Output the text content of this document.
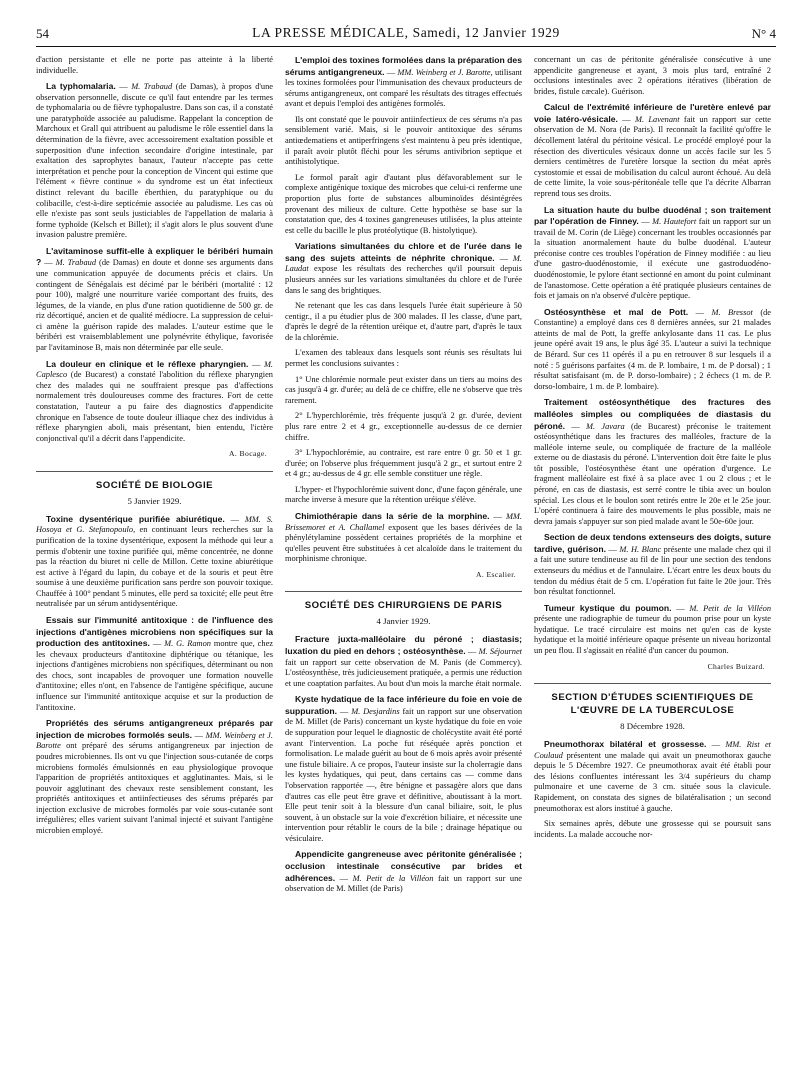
54	LA PRESSE MÉDICALE, Samedi, 12 Janvier 1929	N° 4

d'action persistante et elle ne porte pas atteinte à la liberté individuelle.

La typhomalaria. — M. Trabaud (de Damas), à propos d'une observation personnelle, discute ce qu'il faut entendre par les termes de typhomalaria ou de fièvre typhopalustre. Dans son cas, il a constaté une paratyphoïde associée au paludisme. Rappelant la conception de Marchoux et Grall qui attribuent au paludisme le rôle essentiel dans la détermination de la fièvre, avec accessoirement exaltation possible et superposition d'une infection secondaire d'origine intestinale, par exaltation des saprophytes banaux, l'auteur n'accepte pas cette interprétation et penche pour la conception de Vincent qui estime que l'élément « fièvre continue » du syndrome est un état infectieux distinct relevant du bacille éberthien, du paratyphique ou du colibacille, c'est-à-dire septicémie associée au paludisme. Les cas où elle n'existe pas sont seuls justiciables de l'appellation de malaria à forme typhoïde (Kelsch et Billet); il s'agit alors le plus souvent d'une invasion palustre première.

L'avitaminose suffit-elle à expliquer le béribéri humain ? — M. Trabaud (de Damas) en doute et donne ses arguments dans une communication appuyée de documents précis et clairs. Un contingent de Sénégalais est décimé par le béribéri (mortalité : 12 pour 100), malgré une nourriture variée comportant des fruits, des légumes, de la viande, en plus d'une ration quotidienne de 500 gr. de riz décortiqué, ancien et de qualité médiocre. La suppression de celui-ci amène la guérison rapide des malades. L'auteur estime que le béribéri est vraisemblablement une polynévrite éthylique, favorisée par l'avitaminose B, mais non déterminée par elle seule.

La douleur en clinique et le réflexe pharyngien. — M. Caplesco (de Bucarest) a constaté l'abolition du réflexe pharyngien chez des malades qui ne souffraient presque pas d'affections normalement très douloureuses comme des fractures. Fort de cette constatation, l'auteur a pu faire des diagnostics d'appendicite chronique en l'absence de toute douleur illiaque chez des individus à réflexe pharyngien aboli, mais présentant, bien entendu, l'ictère conjonctival qu'il a décrit dans l'appendicite.

A. Bocage.
SOCIÉTÉ DE BIOLOGIE
5 Janvier 1929.

Toxine dysentérique purifiée abiurétique. — MM. S. Hosoya et G. Stefanopoulo, en continuant leurs recherches sur la purification de la toxine dysentérique, exposent la méthode qui leur a permis d'obtenir une toxine purifiée qui, même concentrée, ne donne pas la réaction du biuret ni celle de Millon. Cette toxine abiurétique est active à l'égard du lapin, du cobaye et de la souris et peut être soumise à une deuxième purification sans perdre son pouvoir toxique. Chauffée à 100° pendant 5 minutes, elle perd sa toxicité; elle peut être neutralisée par un sérum antidysentérique.

Essais sur l'immunité antitoxique : de l'influence des injections d'antigènes microbiens non spécifiques sur la production des antitoxines. — M. G. Ramon montre que, chez les chevaux producteurs d'antitoxine diphtérique ou tétanique, les injections d'antigènes microbiens non spécifiques, déterminant ou non des chocs, sont incapables de provoquer une formation nouvelle d'antitoxine; elles n'ont, en l'absence de l'antigène spécifique, aucune influence sur l'immunité antitoxique acquise et sur la production de l'antitoxine.

Propriétés des sérums antigangreneux préparés par injection de microbes formolés seuls. — MM. Weinberg et J. Barotte ont préparé des sérums antigangreneux par injection de poudres microbiennes. Ils ont vu que l'injection sous-cutanée de corps microbiens formolés émulsionnés en eau physiologique provoque l'apparition de propriétés antitoxiques et agglutinantes. Mais, si le pouvoir agglutinant des chevaux reste sensiblement constant, les propriétés antitoxiques et antiinfectieuses des sérums préparés par injection exclusive de microbes formolés par voie sous-cutanée sont irrégulières; elles varient suivant l'animal injecté et suivant l'antigène microbien employé.

L'emploi des toxines formolées dans la préparation des sérums antigangreneux. — MM. Weinberg et J. Barotte, utilisant les toxines formolées pour l'immunisation des chevaux producteurs de sérums antigangreneux, ont comparé les résultats des titrages effectués avant et depuis l'emploi des antigènes formolés.

Ils ont constaté que le pouvoir antiinfectieux de ces sérums n'a pas sensiblement varié. Mais, si le pouvoir antitoxique des sérums antiœdematiens et antiperfringens s'est maintenu à peu près identique, il paraît avoir plutôt fléchi pour les sérums antivibrion septique et antihistolytique.

Le formol paraît agir d'autant plus défavorablement sur le complexe antigénique toxique des microbes que celui-ci renferme une proportion plus forte de substances albuminoïdes désintégrées provenant des milieux de culture. Cette hypothèse se base sur la constatation que, des 4 toxines gangreneuses utilisées, la plus atteinte est celle du bacille le plus protéolytique (B. histolytique).

Variations simultanées du chlore et de l'urée dans le sang des sujets atteints de néphrite chronique. — M. Laudat expose les résultats des recherches qu'il poursuit depuis plusieurs années sur les variations simultanées du chlore et de l'urée dans le sang des brightiques.

Ne retenant que les cas dans lesquels l'urée était supérieure à 50 centigr., il a pu étudier plus de 300 malades. Il les classe, d'une part, d'après le degré de la rétention uréique et, d'autre part, d'après le taux de la chlorémie.

L'examen des tableaux dans lesquels sont réunis ses résultats lui permet les conclusions suivantes :

1° Une chlorémie normale peut exister dans un tiers au moins des cas jusqu'à 4 gr. d'urée; au delà de ce chiffre, elle ne s'observe que très rarement.

2° L'hyperchlorémie, très fréquente jusqu'à 2 gr. d'urée, devient plus rare entre 2 et 4 gr., exceptionnelle au-dessus de ce dernier chiffre.

3° L'hypochlorémie, au contraire, est rare entre 0 gr. 50 et 1 gr. d'urée; on l'observe plus fréquemment jusqu'à 2 gr., et surtout entre 2 et 4 gr.; au-dessus de 4 gr. elle semble constituer une règle.

L'hyper- et l'hypochlorémie suivent donc, d'une façon générale, une marche inverse à mesure que la rétention uréique s'élève.

Chimiothérapie dans la série de la morphine. — MM. Brissemoret et A. Challamel exposent que les bases dérivées de la phénylétylamine possèdent certaines propriétés de la morphine et qu'elles peuvent être substituées à cet alcaloïde dans le traitement du morphinisme chronique.

A. Escalier.
SOCIÉTÉ DES CHIRURGIENS DE PARIS
4 Janvier 1929.

Fracture juxta-malléolaire du péroné ; diastasis; luxation du pied en dehors ; ostéosynthèse. — M. Séjournet fait un rapport sur cette observation de M. Panis (de Commercy). L'ostéosynthèse, très judicieusement pratiquée, a permis une réduction et une coaptation parfaites. Au bout d'un mois la marche était normale.

Kyste hydatique de la face inférieure du foie en voie de suppuration. — M. Desjardins fait un rapport sur une observation de M. Millet (de Paris) concernant un kyste hydatique du foie en voie de suppuration pour lequel le diagnostic de cholécystite avait été porté avant l'intervention. La poche fut réséquée après ponction et formolisation. Le malade guérit au bout de 6 mois après avoir présenté une fistule biliaire. A ce propos, l'auteur insiste sur la cholerragie dans les kystes hydatiques, qui peut, dans certains cas — comme dans l'observation rapportée —, être bénigne et passagère alors que dans d'autres cas elle peut être grave et définitive, aboutissant à la mort. Elle peut tenir soit à la blessure d'un canal biliaire, soit, le plus souvent, à un obstacle sur la voie d'excrétion biliaire, et nécessite une intervention pour rétablir le cours de la bile ; drainage hépatique ou vésiculaire.

Appendicite gangreneuse avec péritonite généralisée ; occlusion intestinale consécutive par brides et adhérences. — M. Petit de la Villéon fait un rapport sur une observation de M. Millet (de Paris)

concernant un cas de péritonite généralisée consécutive à une appendicite gangreneuse et ayant, 3 mois plus tard, entraîné 2 occlusions intestinales avec 2 opérations itératives (libération de brides, fistule cæcale). Guérison.

Calcul de l'extrémité inférieure de l'uretère enlevé par voie latéro-vésicale. — M. Lavenant fait un rapport sur cette observation de M. Nora (de Paris). Il reconnaît la facilité qu'offre le décollement latéral du péritoine vésical. Le procédé employé pour la résection des diverticules vésicaux donne un accès facile sur les 5 derniers centimètres de l'uretère lorsque la section du méat après cystostomie et essai de mobilisation du calcul auront échoué. Au delà de cette limite, la voie sous-péritonéale telle que l'a décrite Albarran reprend tous ses droits.

La situation haute du bulbe duodénal ; son traitement par l'opération de Finney. — M. Hautefort fait un rapport sur un travail de M. Corin (de Liège) concernant les troubles occasionnés par la situation anormalement haute du bulbe duodénal. L'auteur préconise contre ces troubles l'opération de Finney modifiée : au lieu d'une gastro-duodénostomie, il exécute une gastroduodéno-duodénostomie, le pylore étant sectionné en amont du point culminant de l'anastomose. Cette opération a été pratiquée plusieurs centaines de fois et jamais on n'a observé d'ulcère peptique.

Ostéosynthèse et mal de Pott. — M. Bressot (de Constantine) a employé dans ces 8 dernières années, sur 21 malades atteints de mal de Pott, la greffe ankylosante dans 11 cas. Le plus jeune opéré avait 19 ans, le plus âgé 35. L'auteur a suivi la technique de Bérard. Sur ces 11 opérés il a pu en retrouver 8 sur lesquels il a noté : 5 guérisons parfaites (4 m. de P. lombaire, 1 m. de P dorsal) ; 1 résultat satisfaisant (m. de P. dorso-lombaire) ; 2 échecs (1 m. de P. dorso-lombaire, 1 m. de P. lombaire).

Traitement ostéosynthétique des fractures des malléoles simples ou compliquées de diastasis du péroné. — M. Javara (de Bucarest) préconise le traitement ostéosynthétique dans les fractures des malléoles, fracture de la malléole interne seule, ou compliquée de fracture de la malléole externe ou de diastasis du péroné. L'intervention doit être faite le plus tôt possible, l'ostéosynthèse étant une opération d'urgence. Le fragment malléolaire est fixé à sa place avec 1 ou 2 clous ; et le péroné, en cas de diastasis, est serré contre le tibia avec un boulon spécial. Les clous et le boulon sont retirés entre le 20e et le 25e jour. L'opéré continuera à faire des mouvements le plus possible, mais ne devra jamais s'appuyer sur son pied malade avant le 50e-60e jour.

Section de deux tendons extenseurs des doigts, suture tardive, guérison. — M. H. Blanc présente une malade chez qui il a fait une suture tendineuse au fil de lin pour une section des tendons extenseurs du médius et de l'annulaire. L'écart entre les deux bouts du tendon du médius était de 5 cm. L'opération fut faite le 20e jour. Très bon résultat fonctionnel.

Tumeur kystique du poumon. — M. Petit de la Villéon présente une radiographie de tumeur du poumon prise pour un kyste hydatique. Le tracé circulaire est moins net qu'en cas de kyste hydatique et la moitié inférieure opaque présente un niveau horizontal un peu flou. Il s'agissait en réalité d'un cancer du poumon.

Charles Buizard.
SECTION D'ÉTUDES SCIENTIFIQUES DE L'ŒUVRE DE LA TUBERCULOSE
8 Décembre 1928.

Pneumothorax bilatéral et grossesse. — MM. Rist et Coulaud présentent une malade qui avait un pneumothorax gauche depuis le 5 Décembre 1927. Ce pneumothorax avait été établi pour des lésions confluentes intéressant les 3/4 supérieurs du champ pulmonaire et une caverne de 3 cm. située sous la clavicule. Rapidement, on constata des signes de bilatéralisation ; un second pneumothorax est alors institué à gauche.

Six semaines après, débute une grossesse qui se poursuit sans incidents. La malade accouche nor-
